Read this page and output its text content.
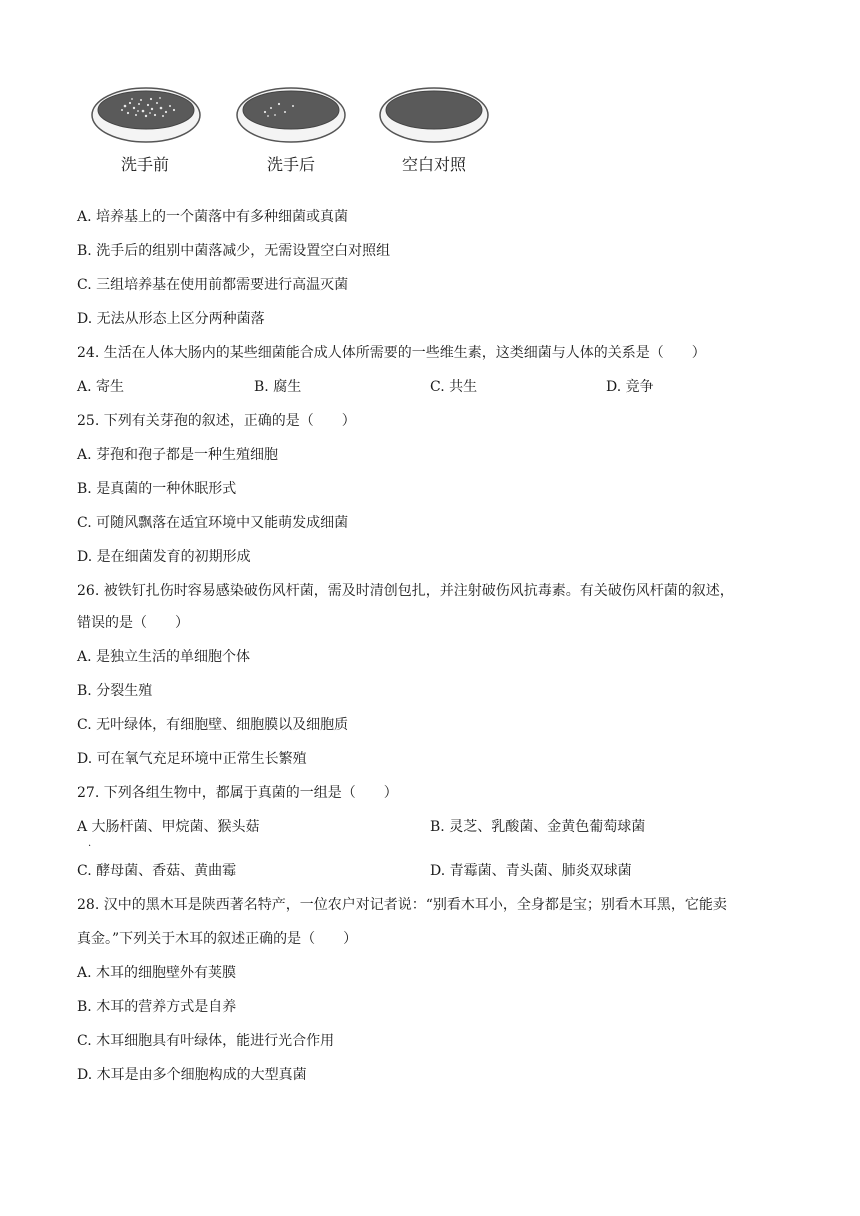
洗手前	洗手后	空白对照
A. 培养基上的一个菌落中有多种细菌或真菌
B. 洗手后的组别中菌落减少，无需设置空白对照组
C. 三组培养基在使用前都需要进行高温灭菌
D. 无法从形态上区分两种菌落
24. 生活在人体大肠内的某些细菌能合成人体所需要的一些维生素，这类细菌与人体的关系是（　　）
A. 寄生	B. 腐生	C. 共生	D. 竞争
25. 下列有关芽孢的叙述，正确的是（　　）
A. 芽孢和孢子都是一种生殖细胞
B. 是真菌的一种休眠形式
C. 可随风飘落在适宜环境中又能萌发成细菌
D. 是在细菌发育的初期形成
26. 被铁钉扎伤时容易感染破伤风杆菌，需及时清创包扎，并注射破伤风抗毒素。有关破伤风杆菌的叙述，
错误的是（　　）
A. 是独立生活的单细胞个体
B. 分裂生殖
C. 无叶绿体，有细胞壁、细胞膜以及细胞质
D. 可在氧气充足环境中正常生长繁殖
27. 下列各组生物中，都属于真菌的一组是（　　）
A 大肠杆菌、甲烷菌、猴头菇
.
B. 灵芝、乳酸菌、金黄色葡萄球菌
C. 酵母菌、香菇、黄曲霉	D. 青霉菌、青头菌、肺炎双球菌
28. 汉中的黑木耳是陕西著名特产，一位农户对记者说：“别看木耳小，全身都是宝；别看木耳黑，它能卖
真金。”下列关于木耳的叙述正确的是（　　）
A. 木耳的细胞壁外有荚膜
B. 木耳的营养方式是自养
C. 木耳细胞具有叶绿体，能进行光合作用
D. 木耳是由多个细胞构成的大型真菌
